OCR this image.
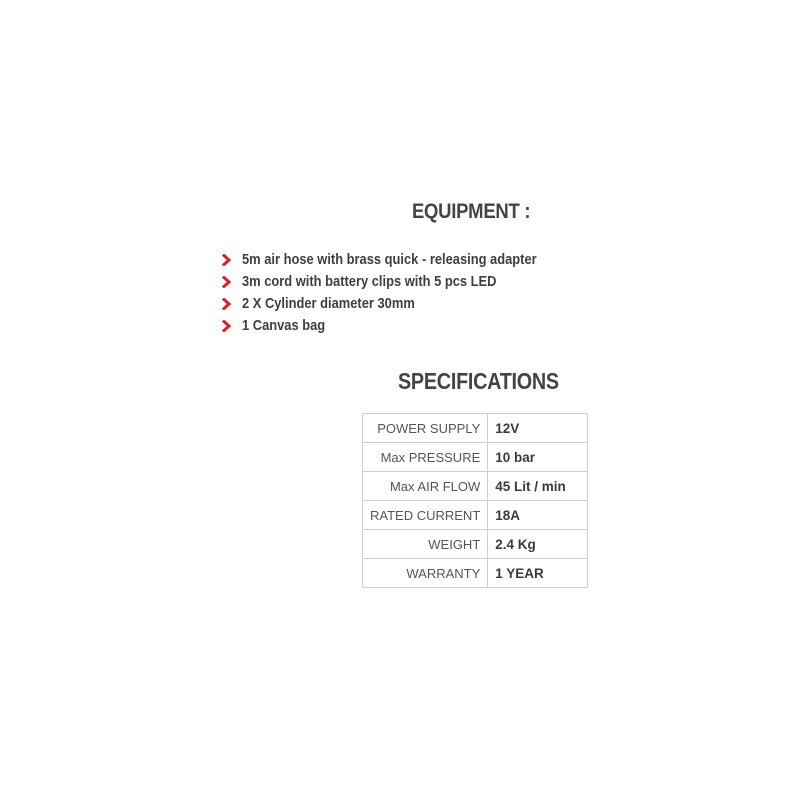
EQUIPMENT :
5m air hose with brass quick - releasing adapter
3m cord with battery clips with 5 pcs LED
2 X Cylinder diameter 30mm
1 Canvas bag
SPECIFICATIONS
POWER SUPPLY	12V
Max PRESSURE	10 bar
Max AIR FLOW	45 Lit / min
RATED CURRENT	18A
WEIGHT	2.4 Kg
WARRANTY	1 YEAR
